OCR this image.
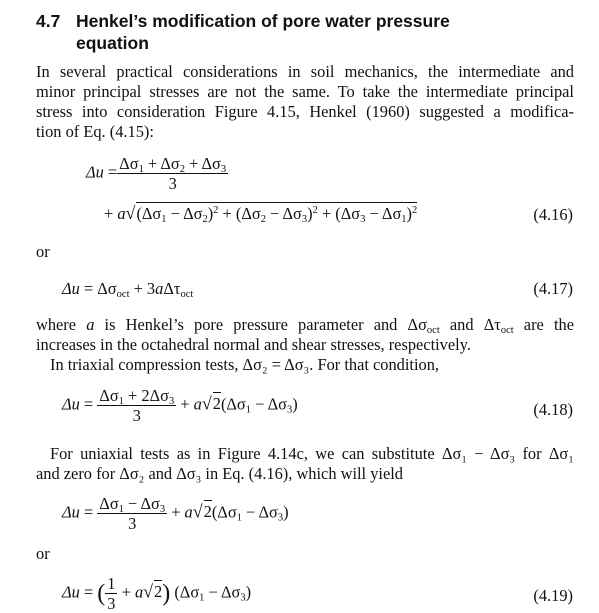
4.7 Henkel’s modification of pore water pressure
equation
In several practical considerations in soil mechanics, the intermediate and
minor principal stresses are not the same. To take the intermediate principal
stress into consideration Figure 4.15, Henkel (1960) suggested a modifica-
tion of Eq. (4.15):
$\Delta u = \frac{\Delta\sigma_1 + \Delta\sigma_2 + \Delta\sigma_3}{3}$
+ $a√(\Delta\sigma_1 - \Delta\sigma_2)^2 + (\Delta\sigma_2 - \Delta\sigma_3)^2 + (\Delta\sigma_3 - \Delta\sigma_1)^2$	(4.16)
or
$\Delta u = \Delta\sigma_{oct} + 3a\Delta\tau_{oct}$	(4.17)
where a is Henkel’s pore pressure parameter and $\Delta\sigma_{oct}$ and $\Delta\tau_{oct}$ are the
increases in the octahedral normal and shear stresses, respectively.
In triaxial compression tests, Δσ₂ = Δσ₃. For that condition,
$\Delta u = \frac{\Delta\sigma_1 + 2\Delta\sigma_3}{3} + a√2(\Delta\sigma_1 - \Delta\sigma_3)$	(4.18)
For uniaxial tests as in Figure 4.14c, we can substitute Δσ₁ − Δσ₃ for Δσ₁
and zero for Δσ₂ and Δσ₃ in Eq. (4.16), which will yield
$\Delta u = \frac{\Delta\sigma_1 - \Delta\sigma_3}{3} + a√2(\Delta\sigma_1 - \Delta\sigma_3)$
or
Δu = ( $\frac{1}{3} + a√2$) $(\Delta\sigma_1 - \Delta\sigma_3)$	(4.19)
